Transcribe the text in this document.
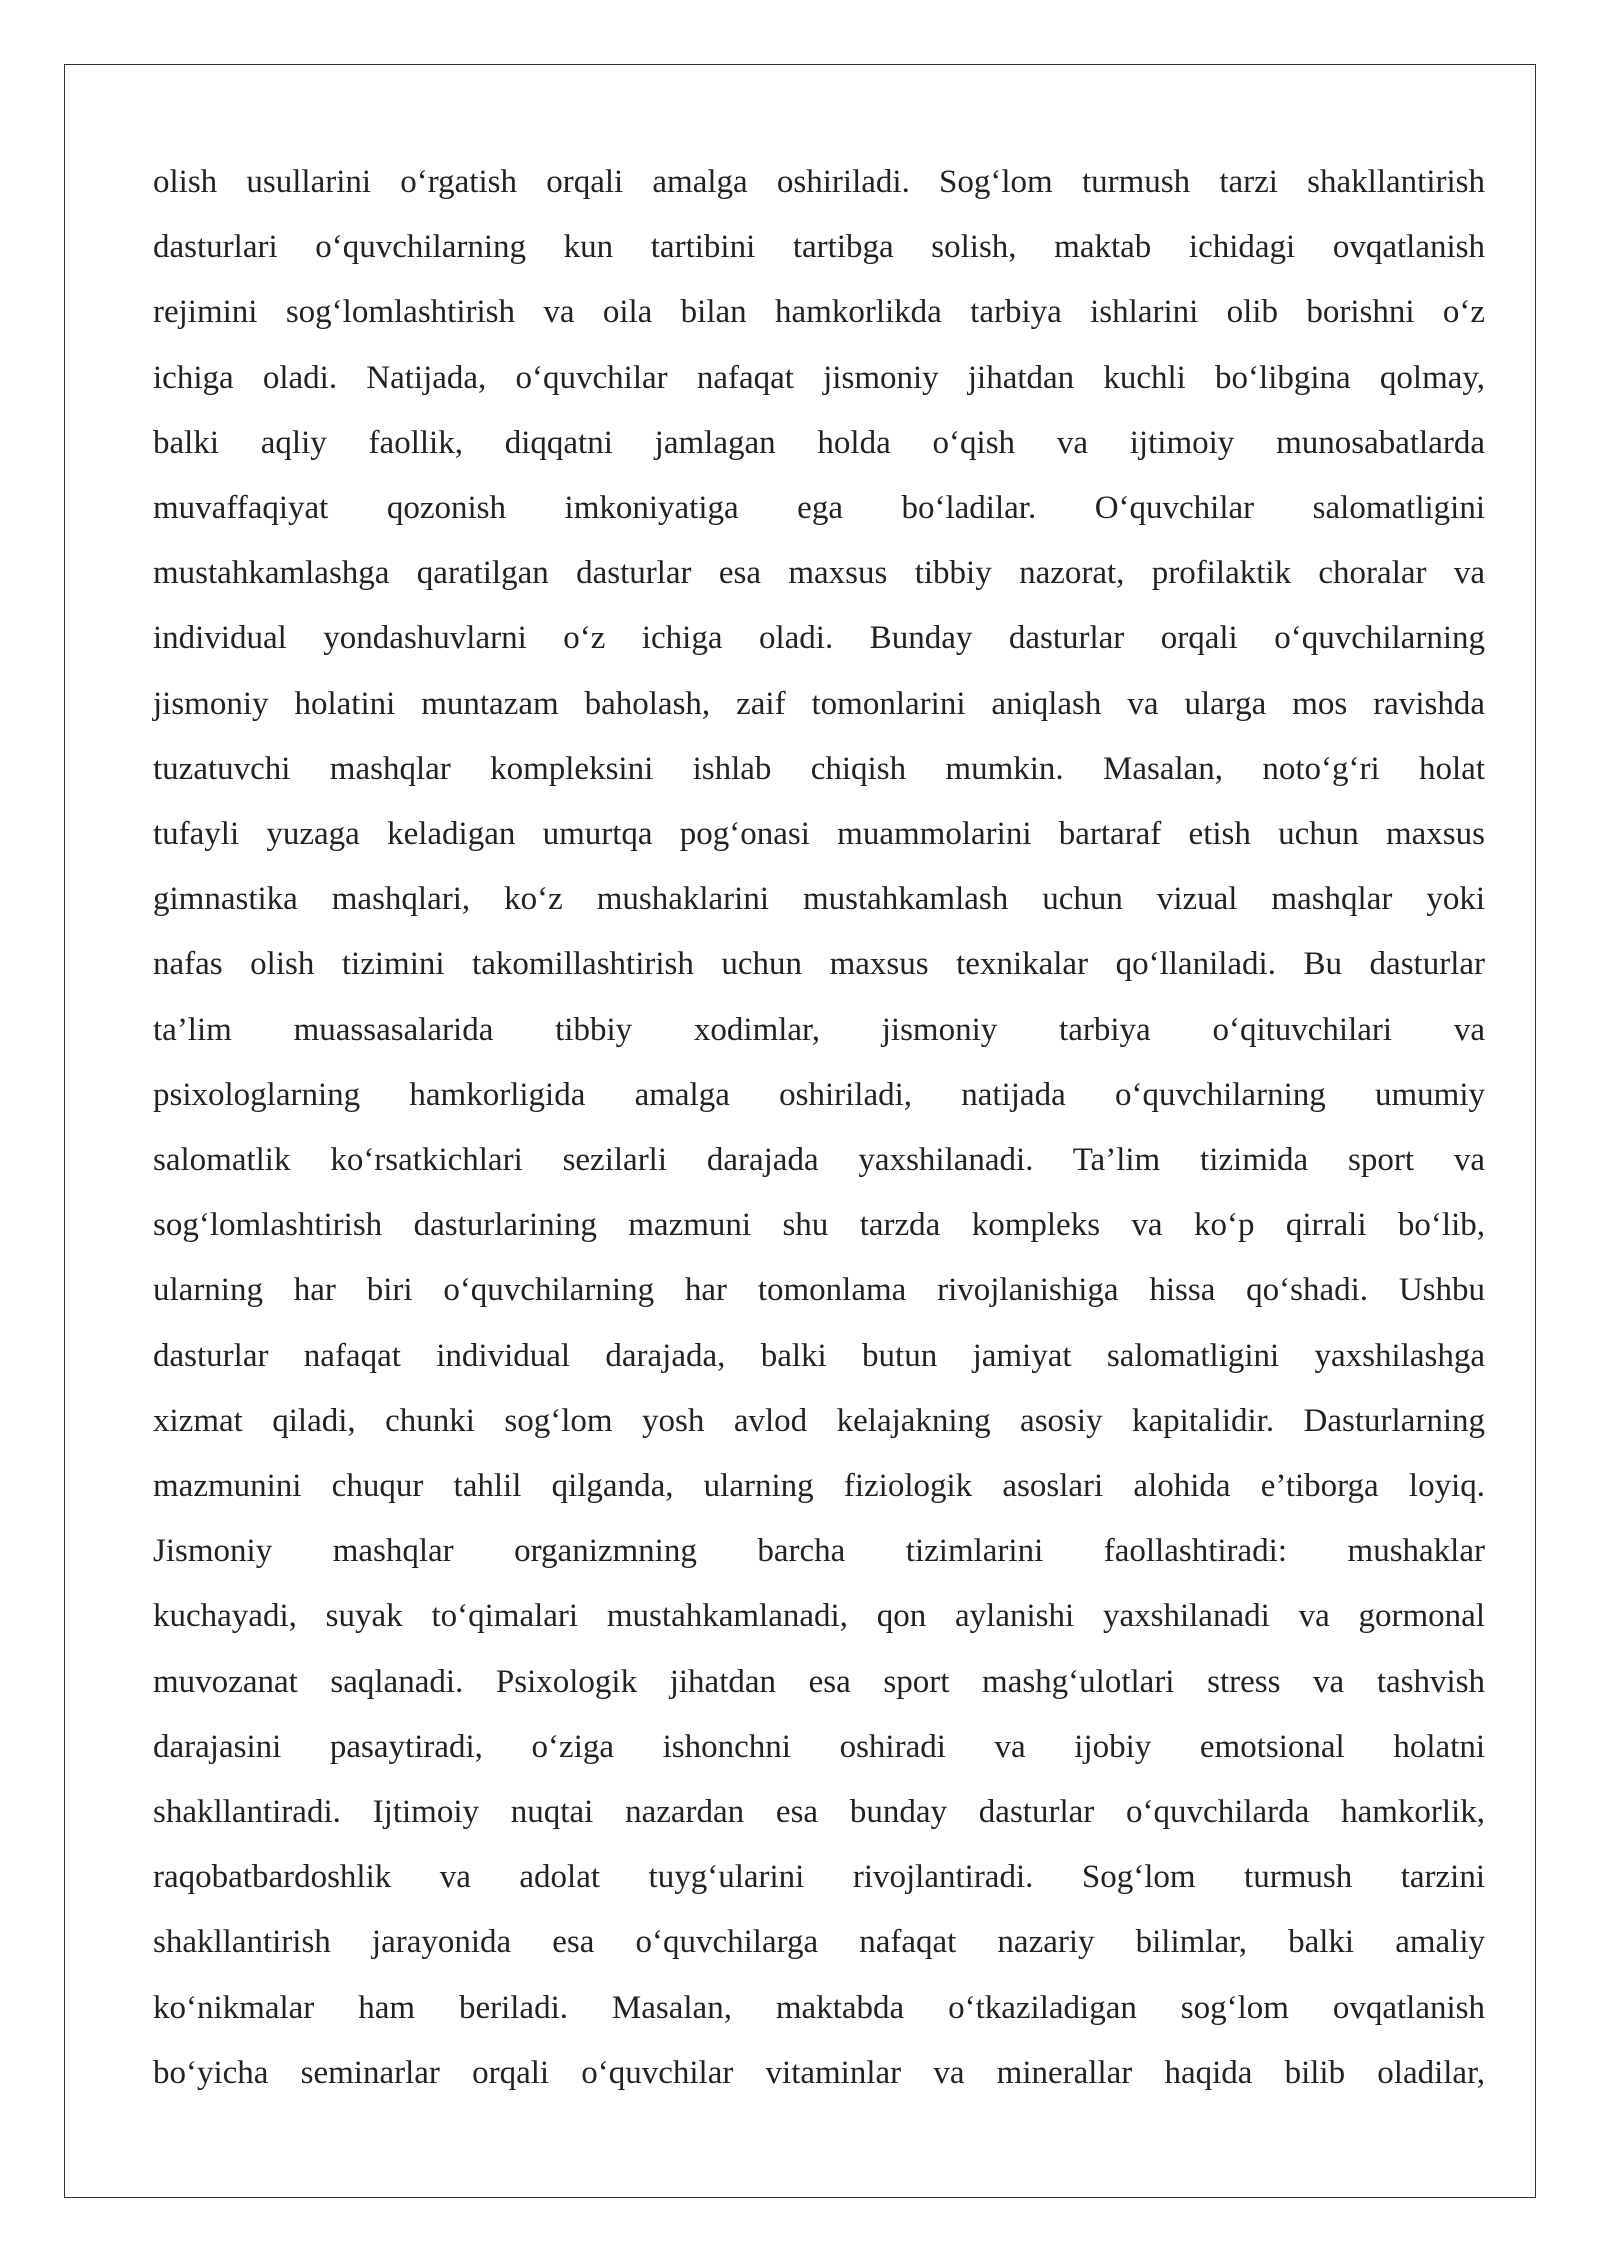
olish usullarini o‘rgatish orqali amalga oshiriladi. Sog‘lom turmush tarzi shakllantirish
dasturlari o‘quvchilarning kun tartibini tartibga solish, maktab ichidagi ovqatlanish
rejimini sog‘lomlashtirish va oila bilan hamkorlikda tarbiya ishlarini olib borishni o‘z
ichiga oladi. Natijada, o‘quvchilar nafaqat jismoniy jihatdan kuchli bo‘libgina qolmay,
balki aqliy faollik, diqqatni jamlagan holda o‘qish va ijtimoiy munosabatlarda
muvaffaqiyat qozonish imkoniyatiga ega bo‘ladilar. O‘quvchilar salomatligini
mustahkamlashga qaratilgan dasturlar esa maxsus tibbiy nazorat, profilaktik choralar va
individual yondashuvlarni o‘z ichiga oladi. Bunday dasturlar orqali o‘quvchilarning
jismoniy holatini muntazam baholash, zaif tomonlarini aniqlash va ularga mos ravishda
tuzatuvchi mashqlar kompleksini ishlab chiqish mumkin. Masalan, noto‘g‘ri holat
tufayli yuzaga keladigan umurtqa pog‘onasi muammolarini bartaraf etish uchun maxsus
gimnastika mashqlari, ko‘z mushaklarini mustahkamlash uchun vizual mashqlar yoki
nafas olish tizimini takomillashtirish uchun maxsus texnikalar qo‘llaniladi. Bu dasturlar
ta’lim muassasalarida tibbiy xodimlar, jismoniy tarbiya o‘qituvchilari va
psixologlarning hamkorligida amalga oshiriladi, natijada o‘quvchilarning umumiy
salomatlik ko‘rsatkichlari sezilarli darajada yaxshilanadi. Ta’lim tizimida sport va
sog‘lomlashtirish dasturlarining mazmuni shu tarzda kompleks va ko‘p qirrali bo‘lib,
ularning har biri o‘quvchilarning har tomonlama rivojlanishiga hissa qo‘shadi. Ushbu
dasturlar nafaqat individual darajada, balki butun jamiyat salomatligini yaxshilashga
xizmat qiladi, chunki sog‘lom yosh avlod kelajakning asosiy kapitalidir. Dasturlarning
mazmunini chuqur tahlil qilganda, ularning fiziologik asoslari alohida e’tiborga loyiq.
Jismoniy mashqlar organizmning barcha tizimlarini faollashtiradi: mushaklar
kuchayadi, suyak to‘qimalari mustahkamlanadi, qon aylanishi yaxshilanadi va gormonal
muvozanat saqlanadi. Psixologik jihatdan esa sport mashg‘ulotlari stress va tashvish
darajasini pasaytiradi, o‘ziga ishonchni oshiradi va ijobiy emotsional holatni
shakllantiradi. Ijtimoiy nuqtai nazardan esa bunday dasturlar o‘quvchilarda hamkorlik,
raqobatbardoshlik va adolat tuyg‘ularini rivojlantiradi. Sog‘lom turmush tarzini
shakllantirish jarayonida esa o‘quvchilarga nafaqat nazariy bilimlar, balki amaliy
ko‘nikmalar ham beriladi. Masalan, maktabda o‘tkaziladigan sog‘lom ovqatlanish
bo‘yicha seminarlar orqali o‘quvchilar vitaminlar va minerallar haqida bilib oladilar,
